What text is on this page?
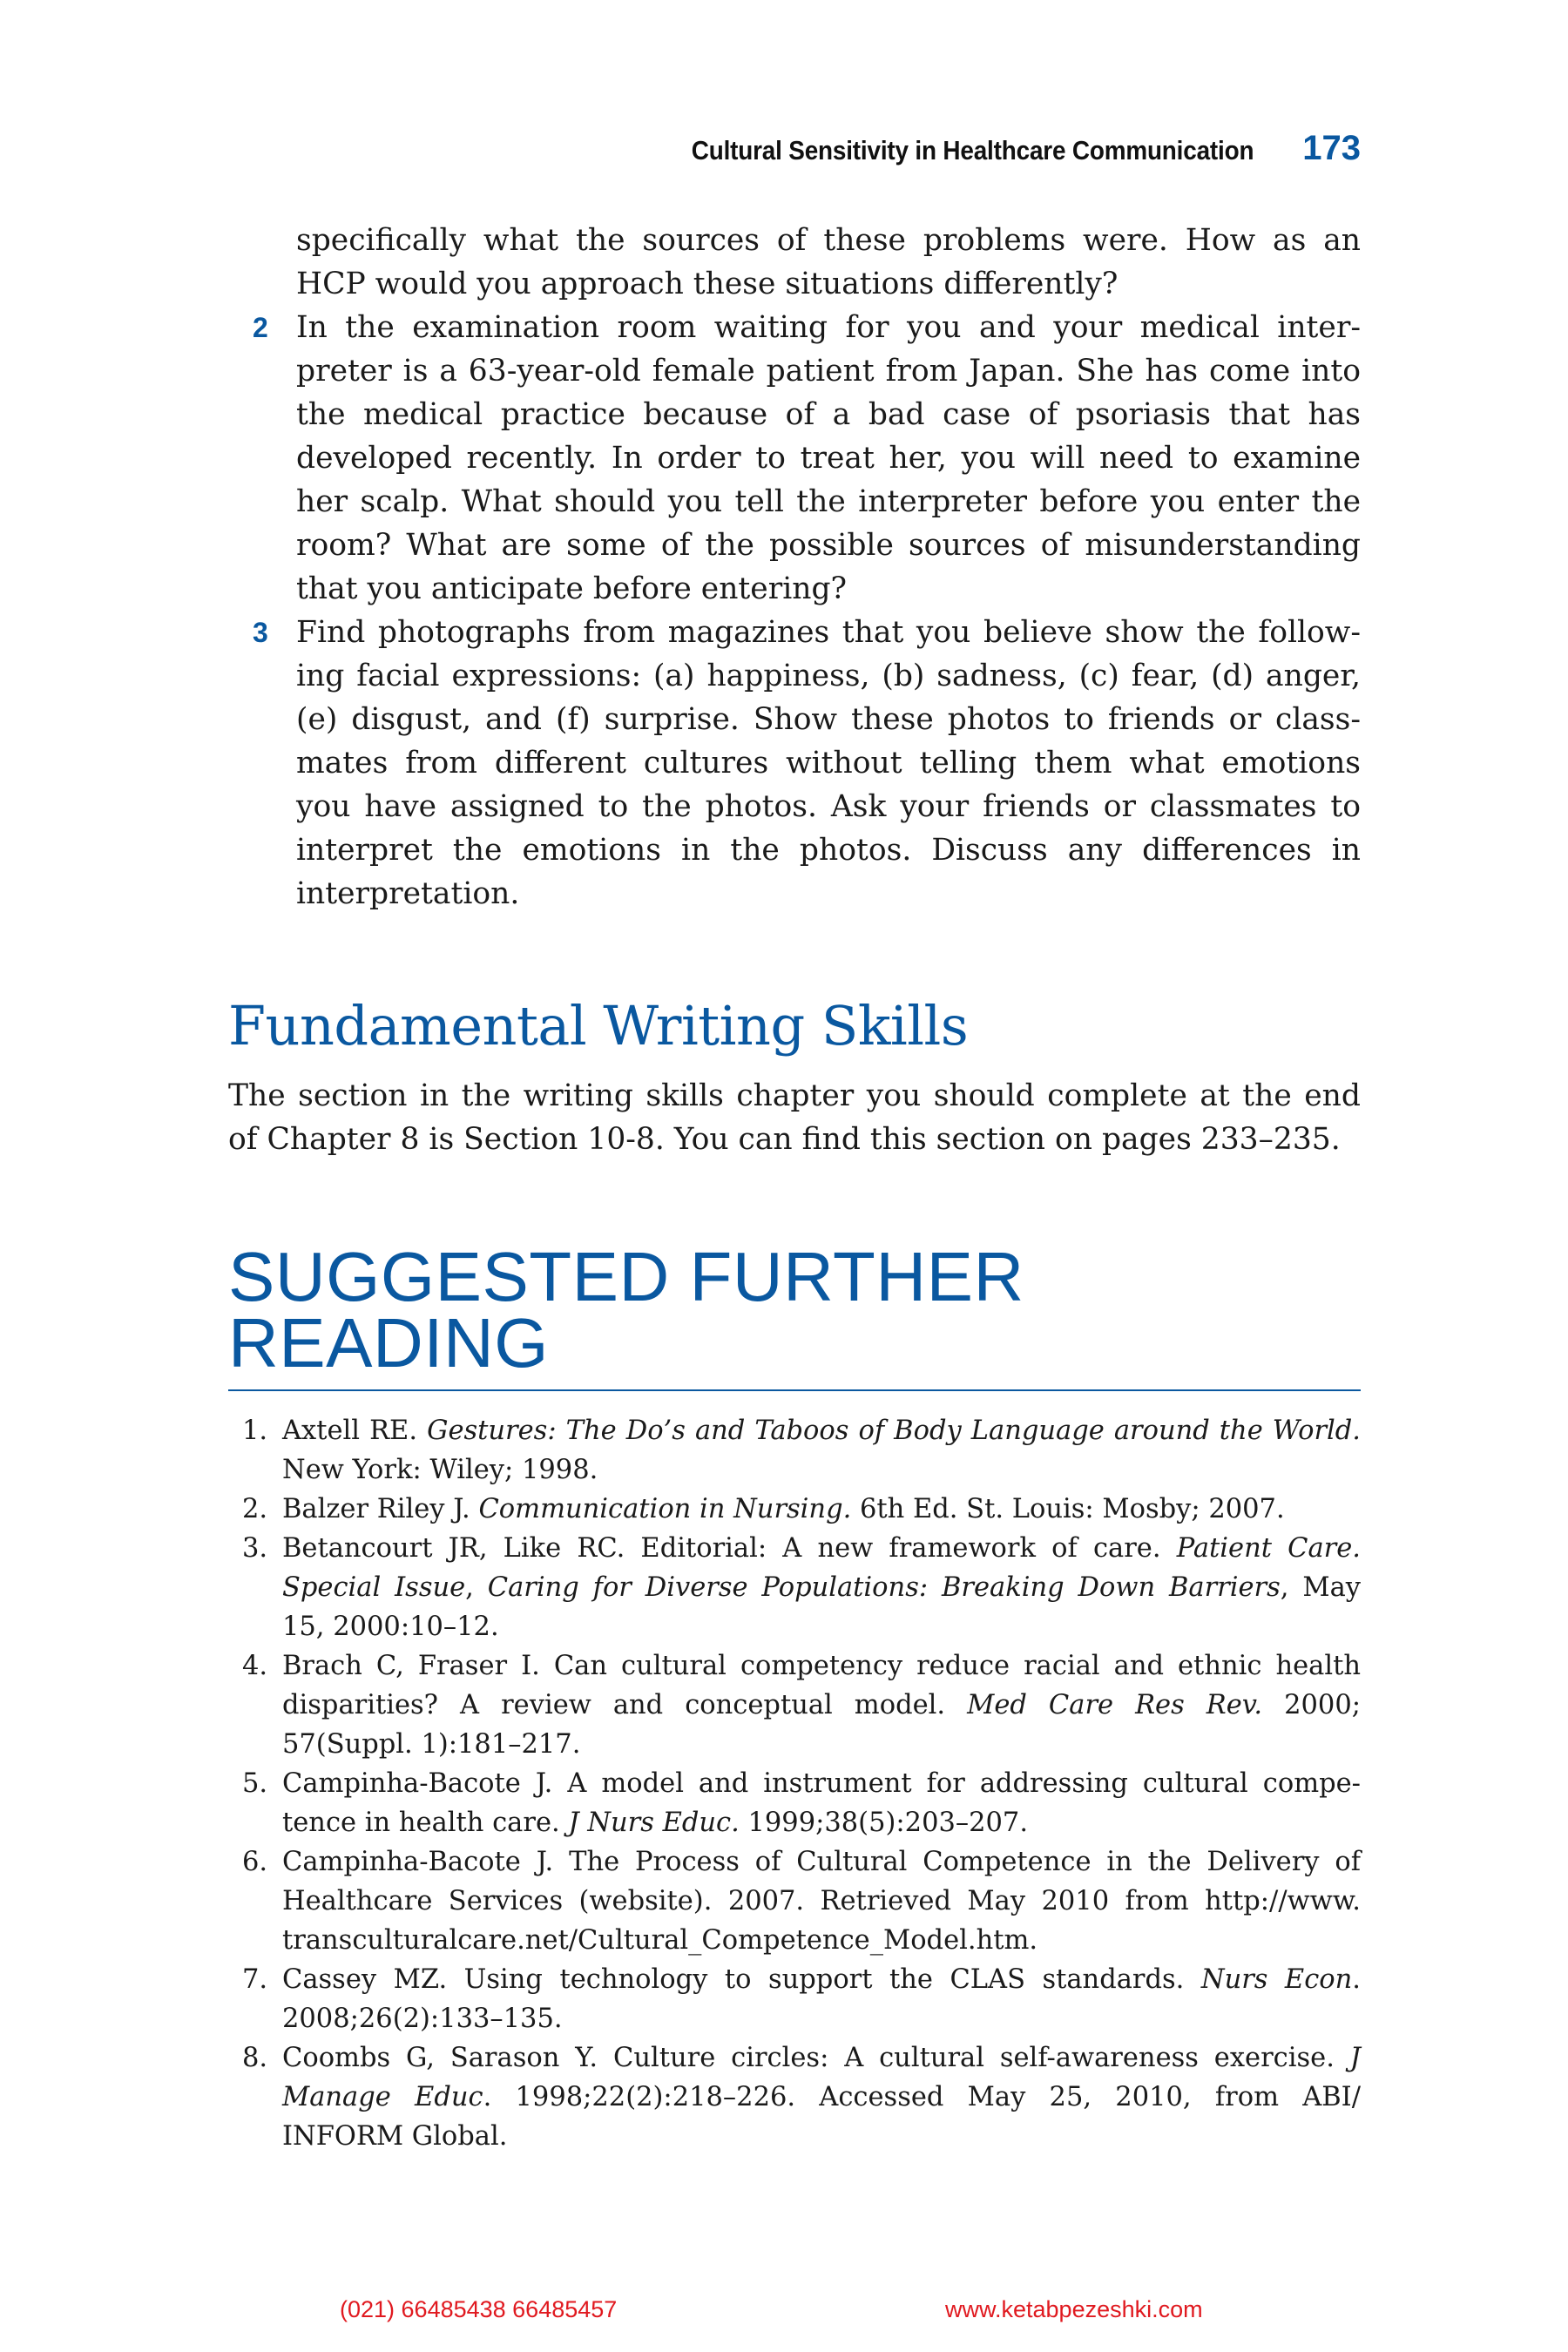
Cultural Sensitivity in Healthcare Communication 173
specifically what the sources of these problems were. How as an HCP would you approach these situations differently?
2 In the examination room waiting for you and your medical inter-preter is a 63-year-old female patient from Japan. She has come into the medical practice because of a bad case of psoriasis that has developed recently. In order to treat her, you will need to examine her scalp. What should you tell the interpreter before you enter the room? What are some of the possible sources of misunderstanding that you anticipate before entering?
3 Find photographs from magazines that you believe show the follow-ing facial expressions: (a) happiness, (b) sadness, (c) fear, (d) anger, (e) disgust, and (f) surprise. Show these photos to friends or class-mates from different cultures without telling them what emotions you have assigned to the photos. Ask your friends or classmates to interpret the emotions in the photos. Discuss any differences in interpretation.
Fundamental Writing Skills
The section in the writing skills chapter you should complete at the end of Chapter 8 is Section 10-8. You can find this section on pages 233–235.
SUGGESTED FURTHER
READING
1. Axtell RE. Gestures: The Do’s and Taboos of Body Language around the World. New York: Wiley; 1998.
2. Balzer Riley J. Communication in Nursing. 6th Ed. St. Louis: Mosby; 2007.
3. Betancourt JR, Like RC. Editorial: A new framework of care. Patient Care. Special Issue, Caring for Diverse Populations: Breaking Down Barriers, May 15, 2000:10–12.
4. Brach C, Fraser I. Can cultural competency reduce racial and ethnic health disparities? A review and conceptual model. Med Care Res Rev. 2000; 57(Suppl. 1):181–217.
5. Campinha-Bacote J. A model and instrument for addressing cultural compe-tence in health care. J Nurs Educ. 1999;38(5):203–207.
6. Campinha-Bacote J. The Process of Cultural Competence in the Delivery of Healthcare Services (website). 2007. Retrieved May 2010 from http://www. transculturalcare.net/Cultural_Competence_Model.htm.
7. Cassey MZ. Using technology to support the CLAS standards. Nurs Econ. 2008;26(2):133–135.
8. Coombs G, Sarason Y. Culture circles: A cultural self-awareness exercise. J Manage Educ. 1998;22(2):218–226. Accessed May 25, 2010, from ABI/ INFORM Global.
(021) 66485438 66485457	www.ketabpezeshki.com
